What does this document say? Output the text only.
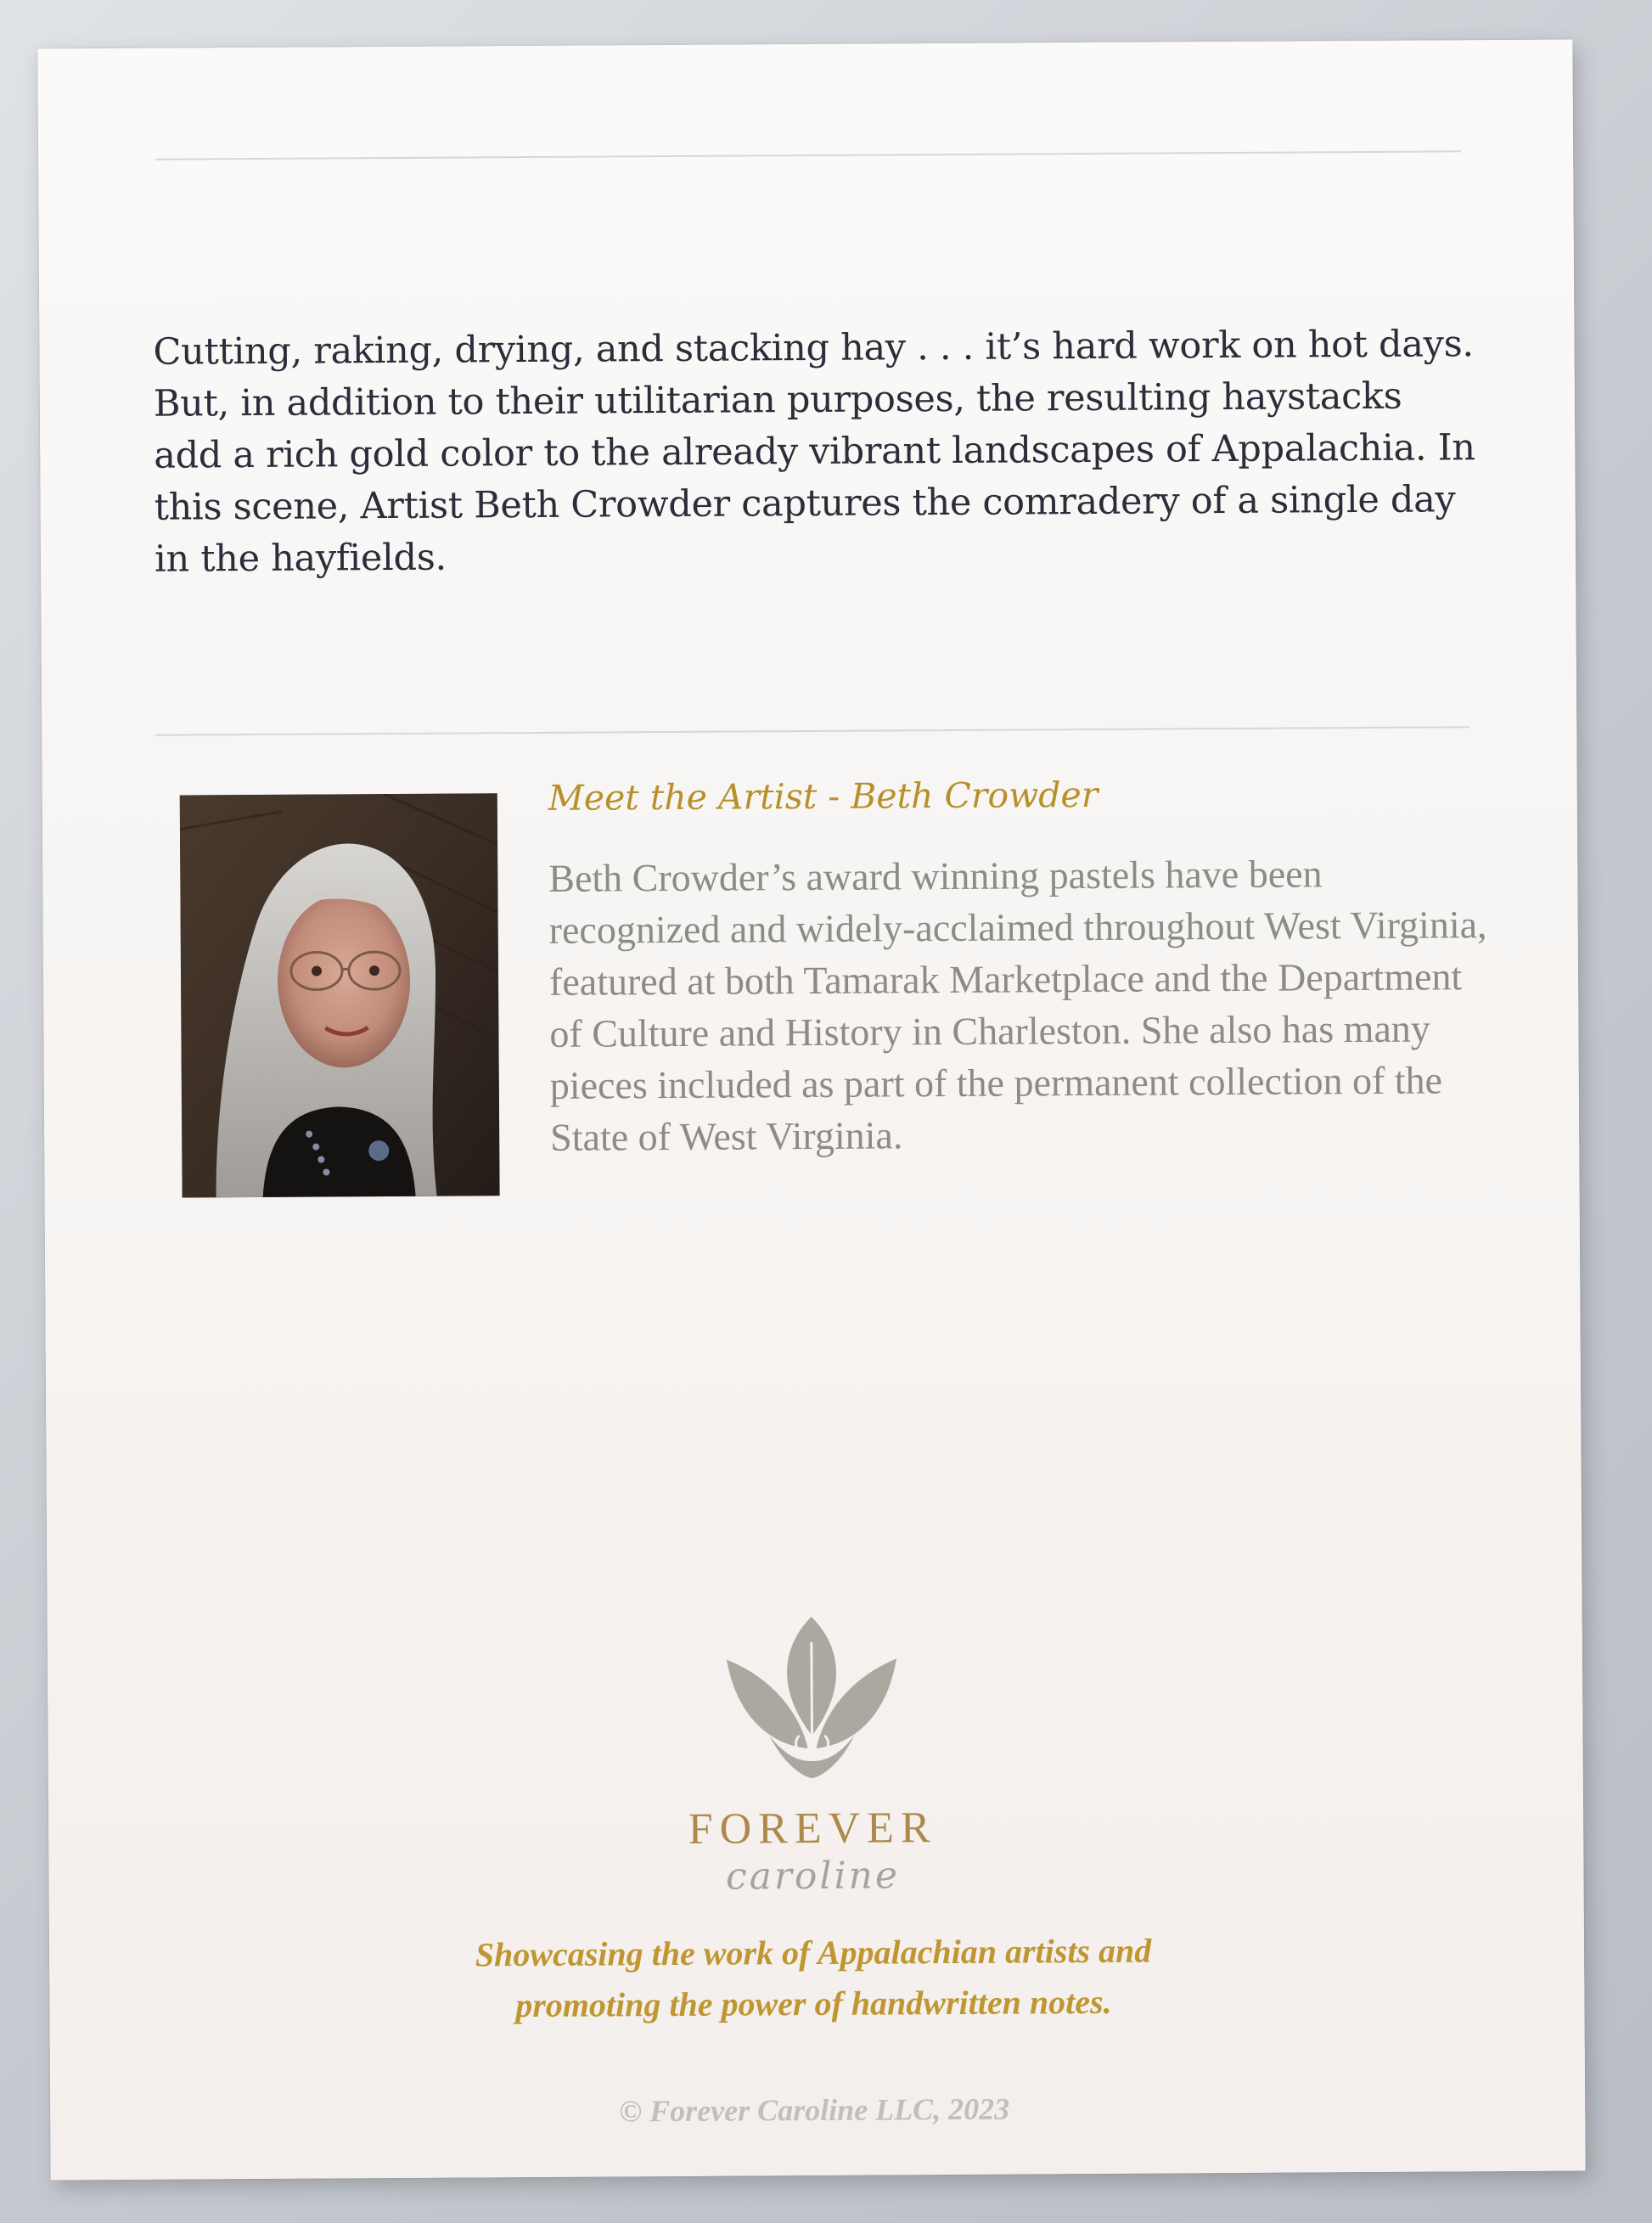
Cutting, raking, drying, and stacking hay . . . it’s hard work on hot days. But, in addition to their utilitarian purposes, the resulting haystacks add a rich gold color to the already vibrant landscapes of Appalachia. In this scene, Artist Beth Crowder captures the comradery of a single day in the hayfields.
Meet the Artist - Beth Crowder
Beth Crowder’s award winning pastels have been recognized and widely-acclaimed throughout West Virginia, featured at both Tamarak Marketplace and the Department of Culture and History in Charleston. She also has many pieces included as part of the permanent collection of the State of West Virginia.
FOREVER
caroline
Showcasing the work of Appalachian artists and
promoting the power of handwritten notes.
© Forever Caroline LLC, 2023
